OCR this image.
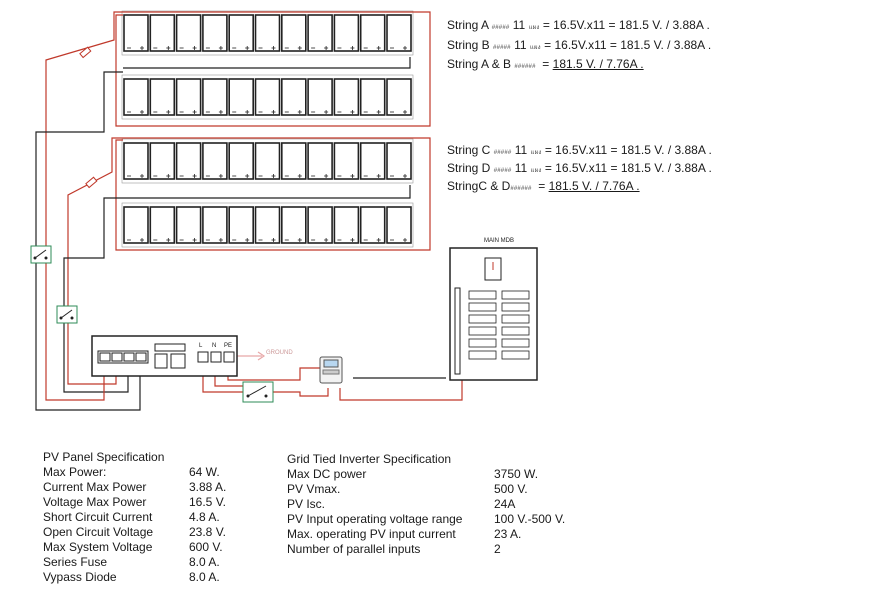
MAIN MDB
GROUND
L N PE
String A ##### 11 แผง = 16.5V.x11 = 181.5 V. / 3.88A .
String B ##### 11 แผง = 16.5V.x11 = 181.5 V. / 3.88A .
String A & B ######  = 181.5 V. / 7.76A .
String C ##### 11 แผง = 16.5V.x11 = 181.5 V. / 3.88A .
String D ##### 11 แผง = 16.5V.x11 = 181.5 V. / 3.88A .
StringC & D######  = 181.5 V. / 7.76A .
PV Panel Specification
Max Power:	64 W.
Current Max Power	3.88 A.
Voltage Max Power	16.5 V.
Short Circuit Current	4.8 A.
Open Circuit Voltage	23.8 V.
Max System Voltage	600 V.
Series Fuse	8.0 A.
Vypass Diode	8.0 A.
Grid Tied Inverter Specification
Max DC power	3750 W.
PV Vmax.	500 V.
PV Isc.	24A
PV Input operating voltage range	100 V.-500 V.
Max. operating PV input current	23 A.
Number of parallel inputs	2
